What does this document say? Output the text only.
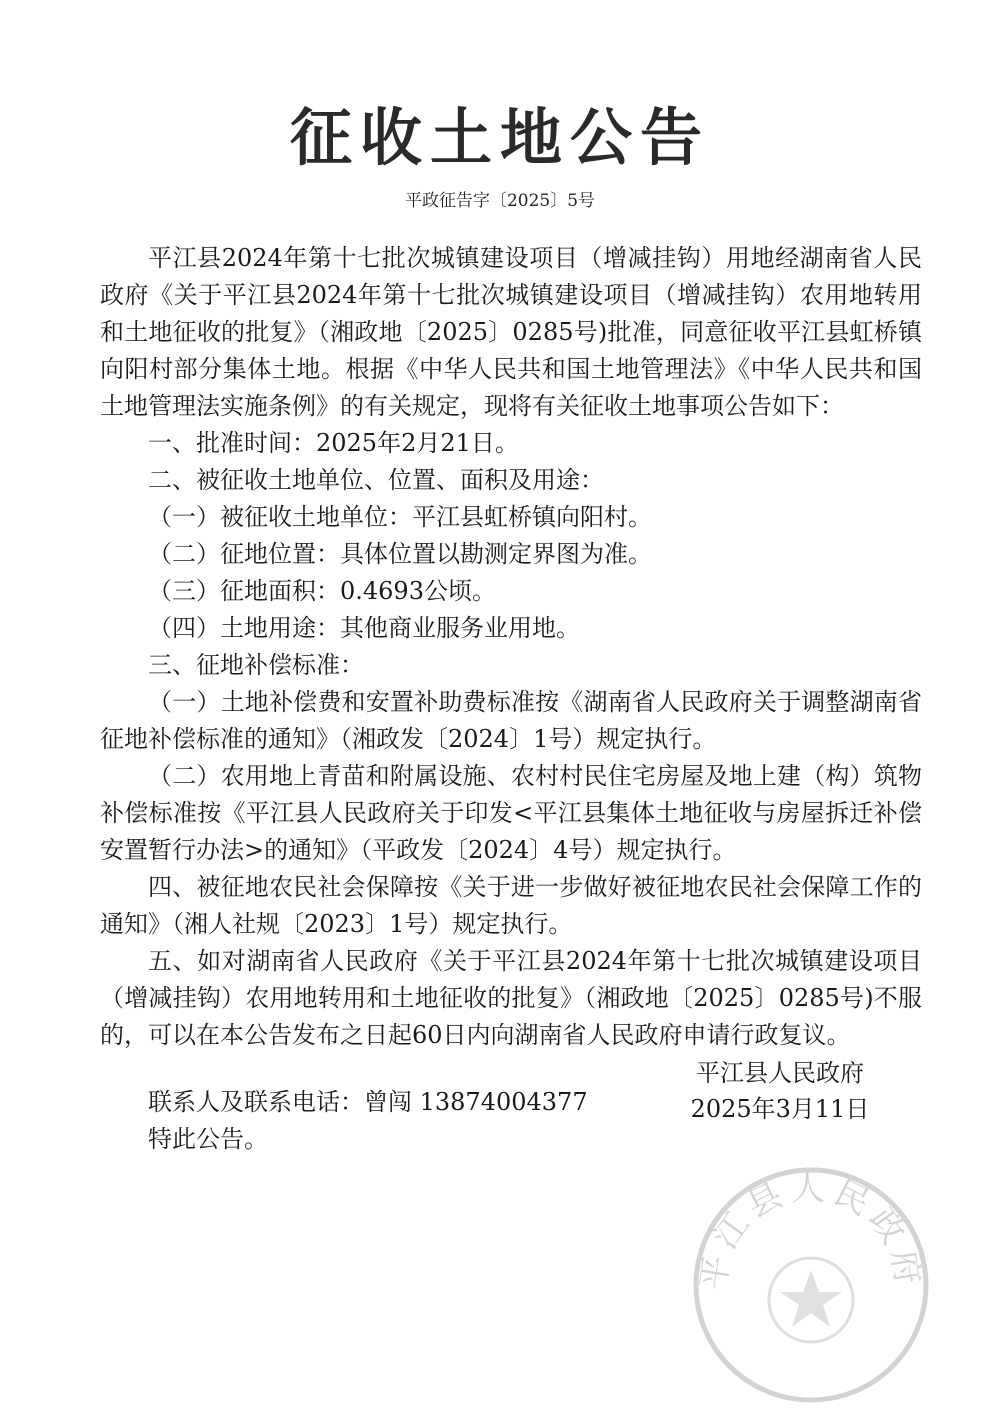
征收土地公告
平政征告字〔2025〕5号

平江县2024年第十七批次城镇建设项目（增减挂钩）用地经湖南省人民政府《关于平江县2024年第十七批次城镇建设项目（增减挂钩）农用地转用和土地征收的批复》（湘政地〔2025〕0285号)批准，同意征收平江县虹桥镇向阳村部分集体土地。根据《中华人民共和国土地管理法》《中华人民共和国土地管理法实施条例》的有关规定，现将有关征收土地事项公告如下：

一、批准时间：2025年2月21日。

二、被征收土地单位、位置、面积及用途：

（一）被征收土地单位：平江县虹桥镇向阳村。

（二）征地位置：具体位置以勘测定界图为准。

（三）征地面积：0.4693公顷。

（四）土地用途：其他商业服务业用地。

三、征地补偿标准：

（一）土地补偿费和安置补助费标准按《湖南省人民政府关于调整湖南省征地补偿标准的通知》（湘政发〔2024〕1号）规定执行。

（二）农用地上青苗和附属设施、农村村民住宅房屋及地上建（构）筑物补偿标准按《平江县人民政府关于印发<平江县集体土地征收与房屋拆迁补偿安置暂行办法>的通知》（平政发〔2024〕4号）规定执行。

四、被征地农民社会保障按《关于进一步做好被征地农民社会保障工作的通知》（湘人社规〔2023〕1号）规定执行。

五、如对湖南省人民政府《关于平江县2024年第十七批次城镇建设项目（增减挂钩）农用地转用和土地征收的批复》（湘政地〔2025〕0285号)不服的，可以在本公告发布之日起60日内向湖南省人民政府申请行政复议。

联系人及联系电话：曾闯 13874004377

特此公告。

平江县人民政府
平江县人民政府
2025年3月11日
